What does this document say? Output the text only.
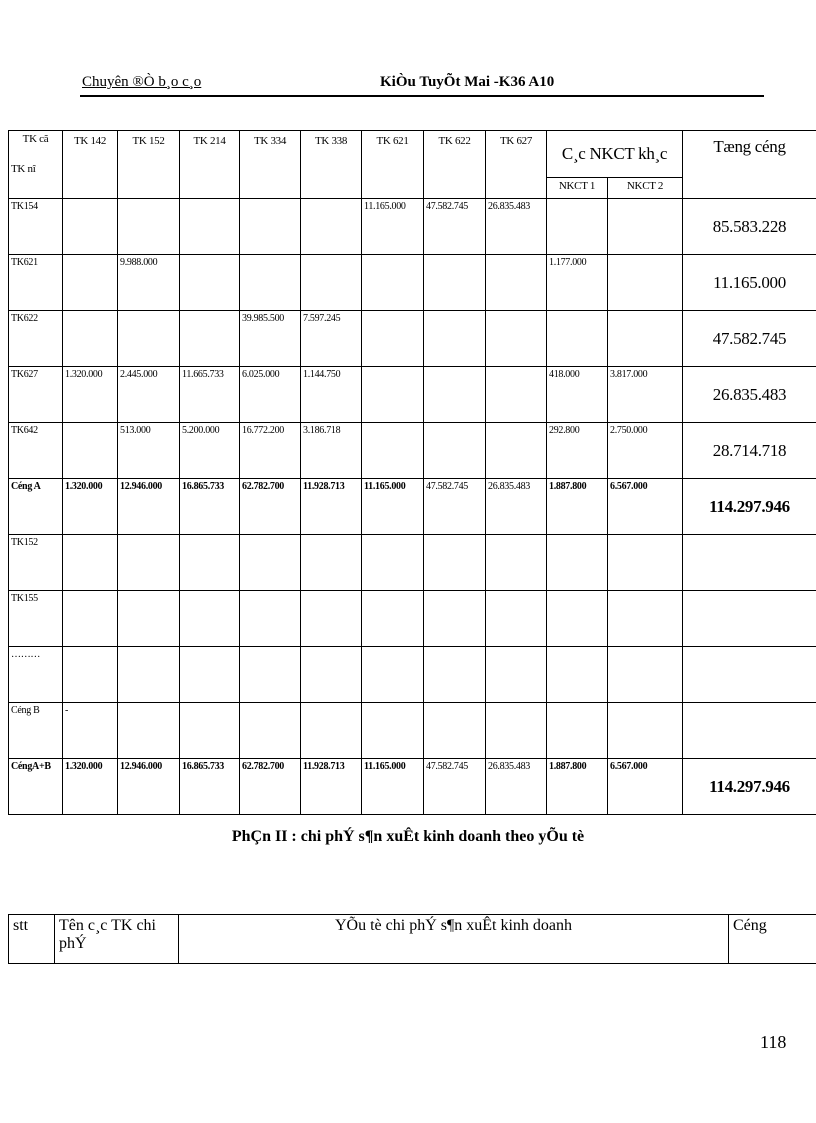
Chuyên ®Ò b¸o c¸o	KiÒu TuyÕt Mai -K36 A10
TK cã
TK nî	TK 142	TK 152	TK 214	TK 334	TK 338	TK 621	TK 622	TK 627	C¸c NKCT kh¸c		Tæng céng
									NKCT 1	NKCT 2	
TK154						11.165.000	47.582.745	26.835.483			85.583.228
TK621		9.988.000							1.177.000		11.165.000
TK622				39.985.500	7.597.245						47.582.745
TK627	1.320.000	2.445.000	11.665.733	6.025.000	1.144.750				418.000	3.817.000	26.835.483
TK642		513.000	5.200.000	16.772.200	3.186.718				292.800	2.750.000	28.714.718
Céng A	1.320.000	12.946.000	16.865.733	62.782.700	11.928.713	11.165.000	47.582.745	26.835.483	1.887.800	6.567.000	114.297.946
TK152											
TK155											
………											
Céng B	-										
CéngA+B	1.320.000	12.946.000	16.865.733	62.782.700	11.928.713	11.165.000	47.582.745	26.835.483	1.887.800	6.567.000	114.297.946
PhÇn II : chi phÝ s¶n xuÊt kinh doanh theo yÕu tè
stt	Tên c¸c TK chi phÝ	YÕu tè chi phÝ s¶n xuÊt kinh doanh	Céng
118
